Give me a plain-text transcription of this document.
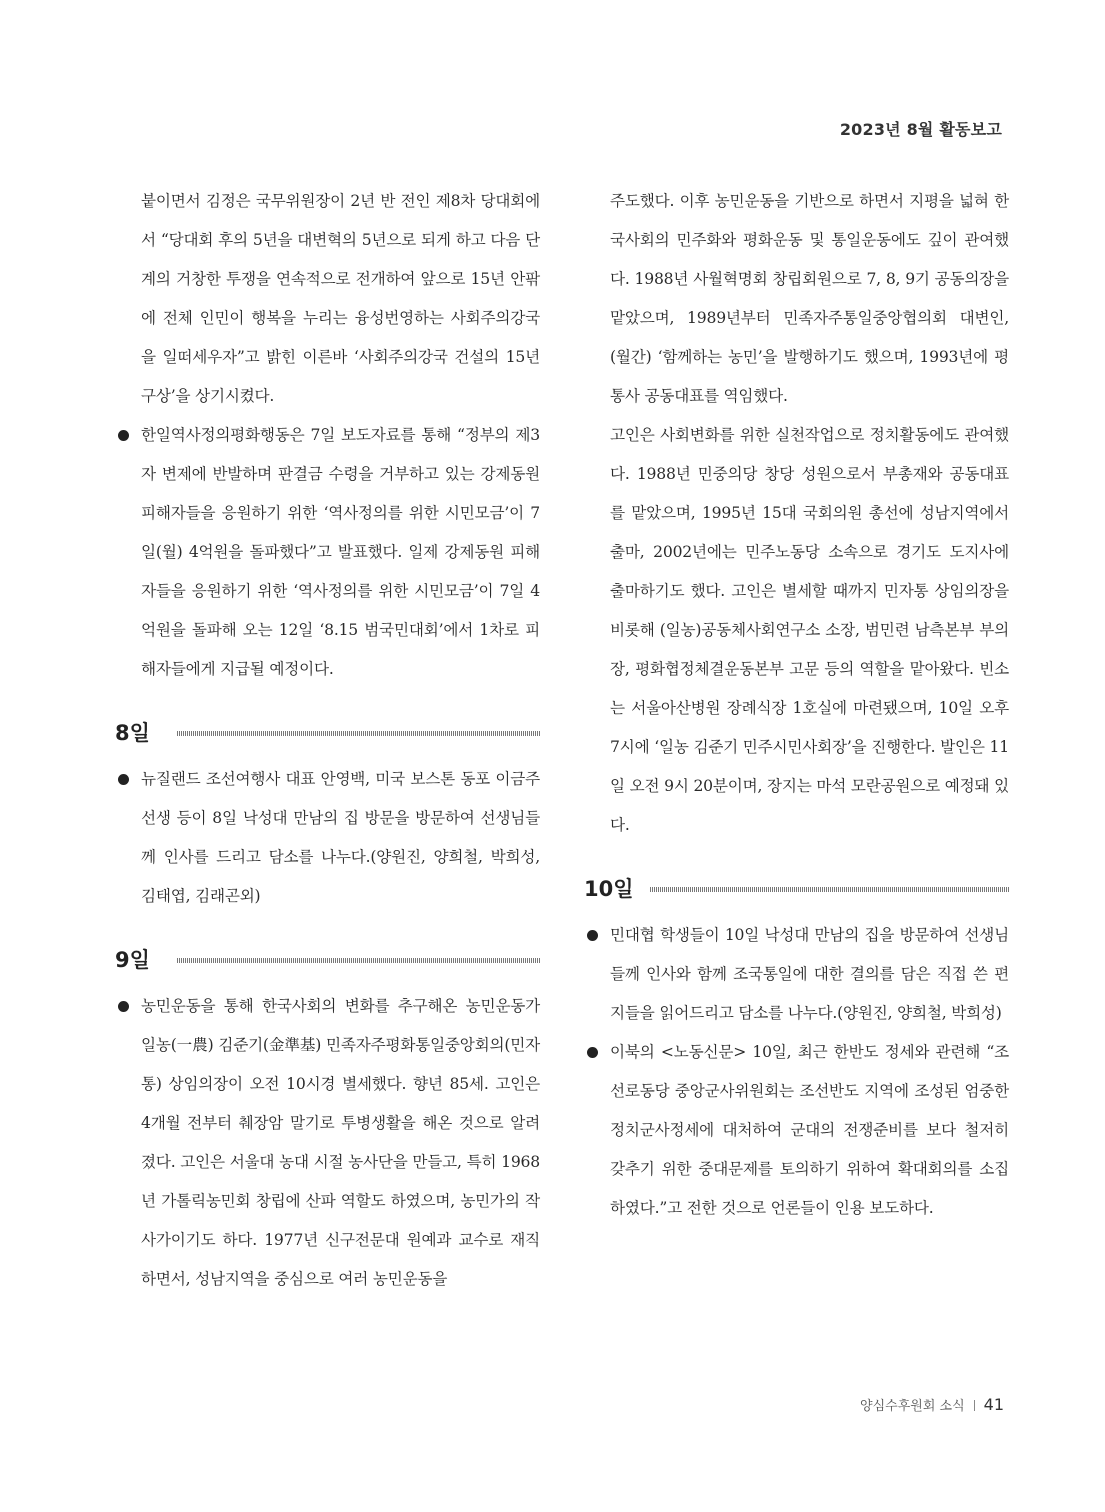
2023년 8월 활동보고

붙이면서 김정은 국무위원장이 2년 반 전인 제8차 당대회에서 “당대회 후의 5년을 대변혁의 5년으로 되게 하고 다음 단계의 거창한 투쟁을 연속적으로 전개하여 앞으로 15년 안팎에 전체 인민이 행복을 누리는 융성번영하는 사회주의강국을 일떠세우자”고 밝힌 이른바 ‘사회주의강국 건설의 15년 구상’을 상기시켰다.

한일역사정의평화행동은 7일 보도자료를 통해 “정부의 제3자 변제에 반발하며 판결금 수령을 거부하고 있는 강제동원 피해자들을 응원하기 위한 ‘역사정의를 위한 시민모금’이 7일(월) 4억원을 돌파했다”고 발표했다. 일제 강제동원 피해자들을 응원하기 위한 ‘역사정의를 위한 시민모금’이 7일 4억원을 돌파해 오는 12일 ‘8.15 범국민대회’에서 1차로 피해자들에게 지급될 예정이다.
8일
뉴질랜드 조선여행사 대표 안영백, 미국 보스톤 동포 이금주 선생 등이 8일 낙성대 만남의 집 방문을 방문하여 선생님들께 인사를 드리고 담소를 나누다.(양원진, 양희철, 박희성, 김태엽, 김래곤외)
9일
농민운동을 통해 한국사회의 변화를 추구해온 농민운동가 일농(一農) 김준기(金準基) 민족자주평화통일중앙회의(민자통) 상임의장이 오전 10시경 별세했다. 향년 85세. 고인은 4개월 전부터 췌장암 말기로 투병생활을 해온 것으로 알려졌다. 고인은 서울대 농대 시절 농사단을 만들고, 특히 1968년 가톨릭농민회 창립에 산파 역할도 하였으며, 농민가의 작사가이기도 하다. 1977년 신구전문대 원예과 교수로 재직하면서, 성남지역을 중심으로 여러 농민운동을

주도했다. 이후 농민운동을 기반으로 하면서 지평을 넓혀 한국사회의 민주화와 평화운동 및 통일운동에도 깊이 관여했다. 1988년 사월혁명회 창립회원으로 7, 8, 9기 공동의장을 맡았으며, 1989년부터 민족자주통일중앙협의회 대변인, (월간) ‘함께하는 농민’을 발행하기도 했으며, 1993년에 평통사 공동대표를 역임했다.

고인은 사회변화를 위한 실천작업으로 정치활동에도 관여했다. 1988년 민중의당 창당 성원으로서 부총재와 공동대표를 맡았으며, 1995년 15대 국회의원 총선에 성남지역에서 출마, 2002년에는 민주노동당 소속으로 경기도 도지사에 출마하기도 했다. 고인은 별세할 때까지 민자통 상임의장을 비롯해 (일농)공동체사회연구소 소장, 범민련 남측본부 부의장, 평화협정체결운동본부 고문 등의 역할을 맡아왔다. 빈소는 서울아산병원 장례식장 1호실에 마련됐으며, 10일 오후 7시에 ‘일농 김준기 민주시민사회장’을 진행한다. 발인은 11일 오전 9시 20분이며, 장지는 마석 모란공원으로 예정돼 있다.

10일
민대협 학생들이 10일 낙성대 만남의 집을 방문하여 선생님들께 인사와 함께 조국통일에 대한 결의를 담은 직접 쓴 편지들을 읽어드리고 담소를 나누다.(양원진, 양희철, 박희성)
이북의 <노동신문> 10일, 최근 한반도 정세와 관련해 “조선로동당 중앙군사위원회는 조선반도 지역에 조성된 엄중한 정치군사정세에 대처하여 군대의 전쟁준비를 보다 철저히 갖추기 위한 중대문제를 토의하기 위하여 확대회의를 소집하였다.”고 전한 것으로 언론들이 인용 보도하다.
양심수후원회 소식 41
